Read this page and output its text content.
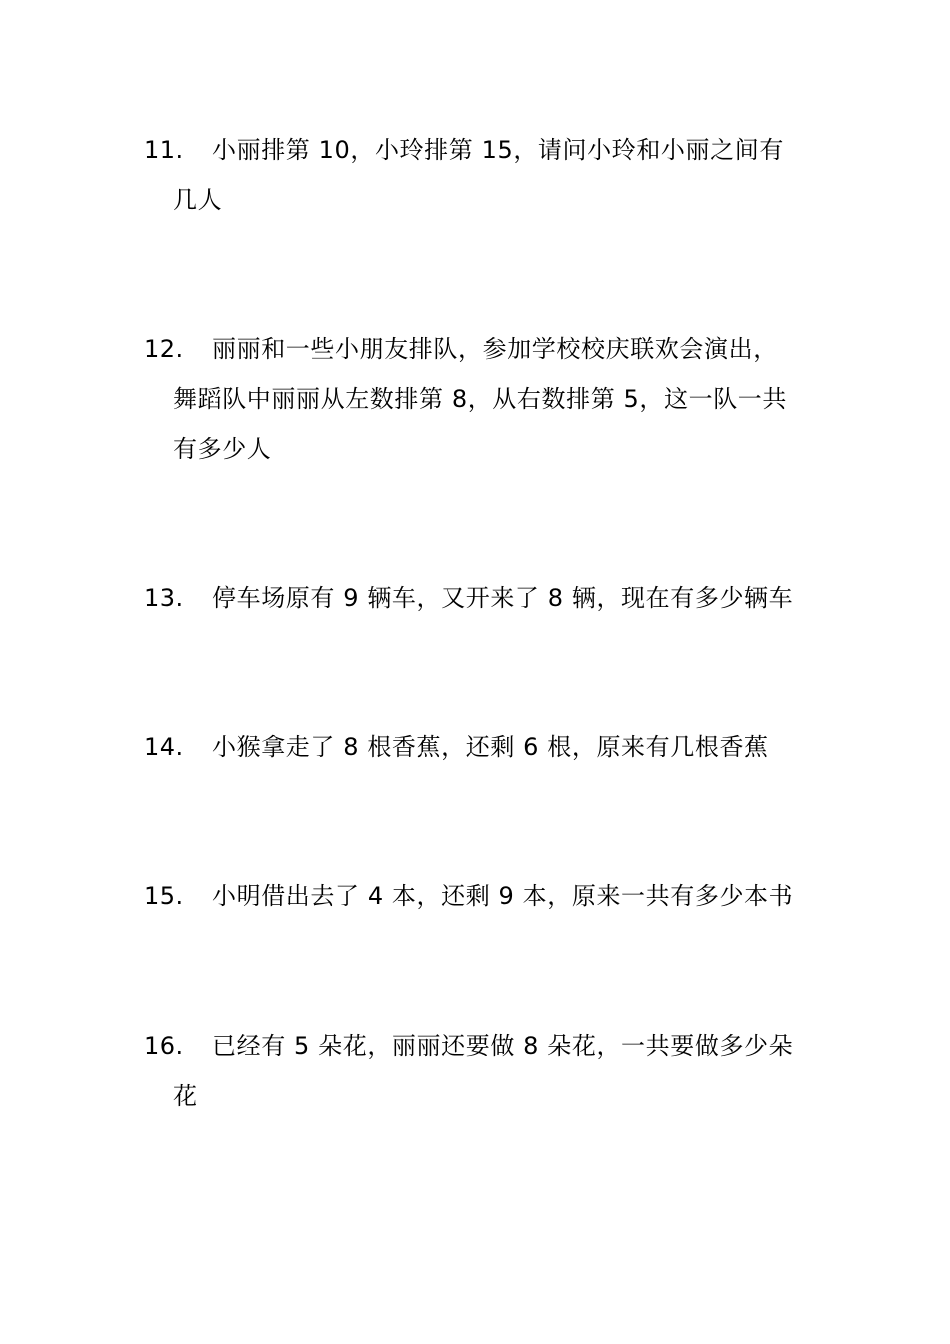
11. 小丽排第 10，小玲排第 15，请问小玲和小丽之间有
几人
12. 丽丽和一些小朋友排队，参加学校校庆联欢会演出，
舞蹈队中丽丽从左数排第 8，从右数排第 5，这一队一共
有多少人
13. 停车场原有 9 辆车，又开来了 8 辆，现在有多少辆车
14. 小猴拿走了 8 根香蕉，还剩 6 根，原来有几根香蕉
15. 小明借出去了 4 本，还剩 9 本，原来一共有多少本书
16. 已经有 5 朵花，丽丽还要做 8 朵花，一共要做多少朵
花
